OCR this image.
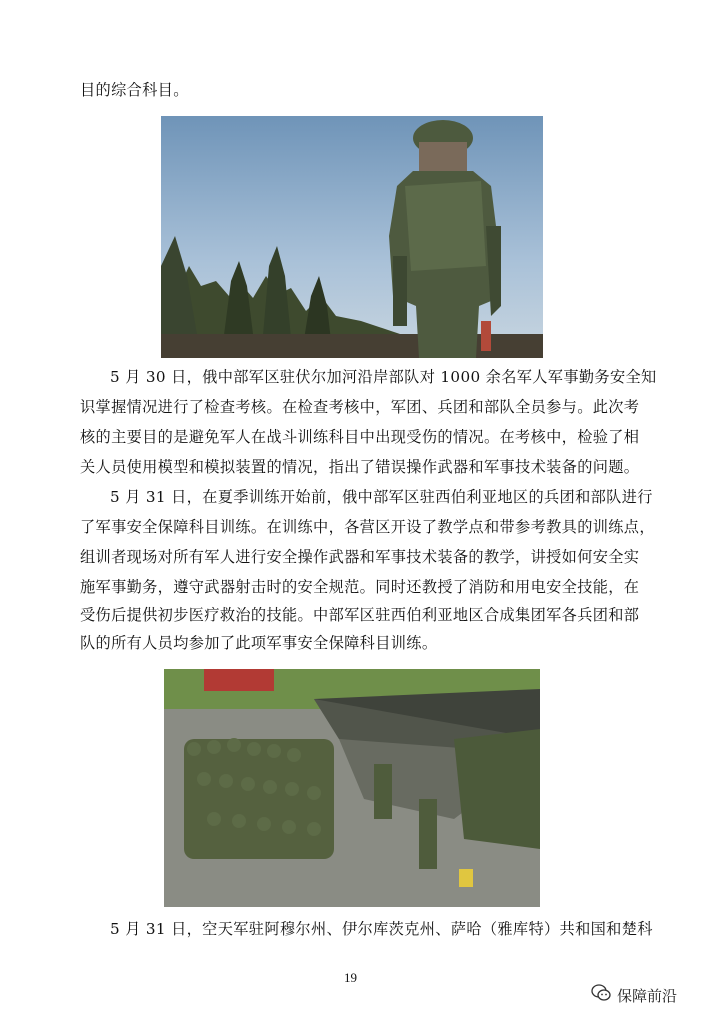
目的综合科目。
5 月 30 日，俄中部军区驻伏尔加河沿岸部队对 1000 余名军人军事勤务安全知
识掌握情况进行了检查考核。在检查考核中，军团、兵团和部队全员参与。此次考
核的主要目的是避免军人在战斗训练科目中出现受伤的情况。在考核中，检验了相
关人员使用模型和模拟装置的情况，指出了错误操作武器和军事技术装备的问题。
5 月 31 日，在夏季训练开始前，俄中部军区驻西伯利亚地区的兵团和部队进行
了军事安全保障科目训练。在训练中，各营区开设了教学点和带参考教具的训练点，
组训者现场对所有军人进行安全操作武器和军事技术装备的教学，讲授如何安全实
施军事勤务，遵守武器射击时的安全规范。同时还教授了消防和用电安全技能，在
受伤后提供初步医疗救治的技能。中部军区驻西伯利亚地区合成集团军各兵团和部
队的所有人员均参加了此项军事安全保障科目训练。
5 月 31 日，空天军驻阿穆尔州、伊尔库茨克州、萨哈（雅库特）共和国和楚科
19
保障前沿
